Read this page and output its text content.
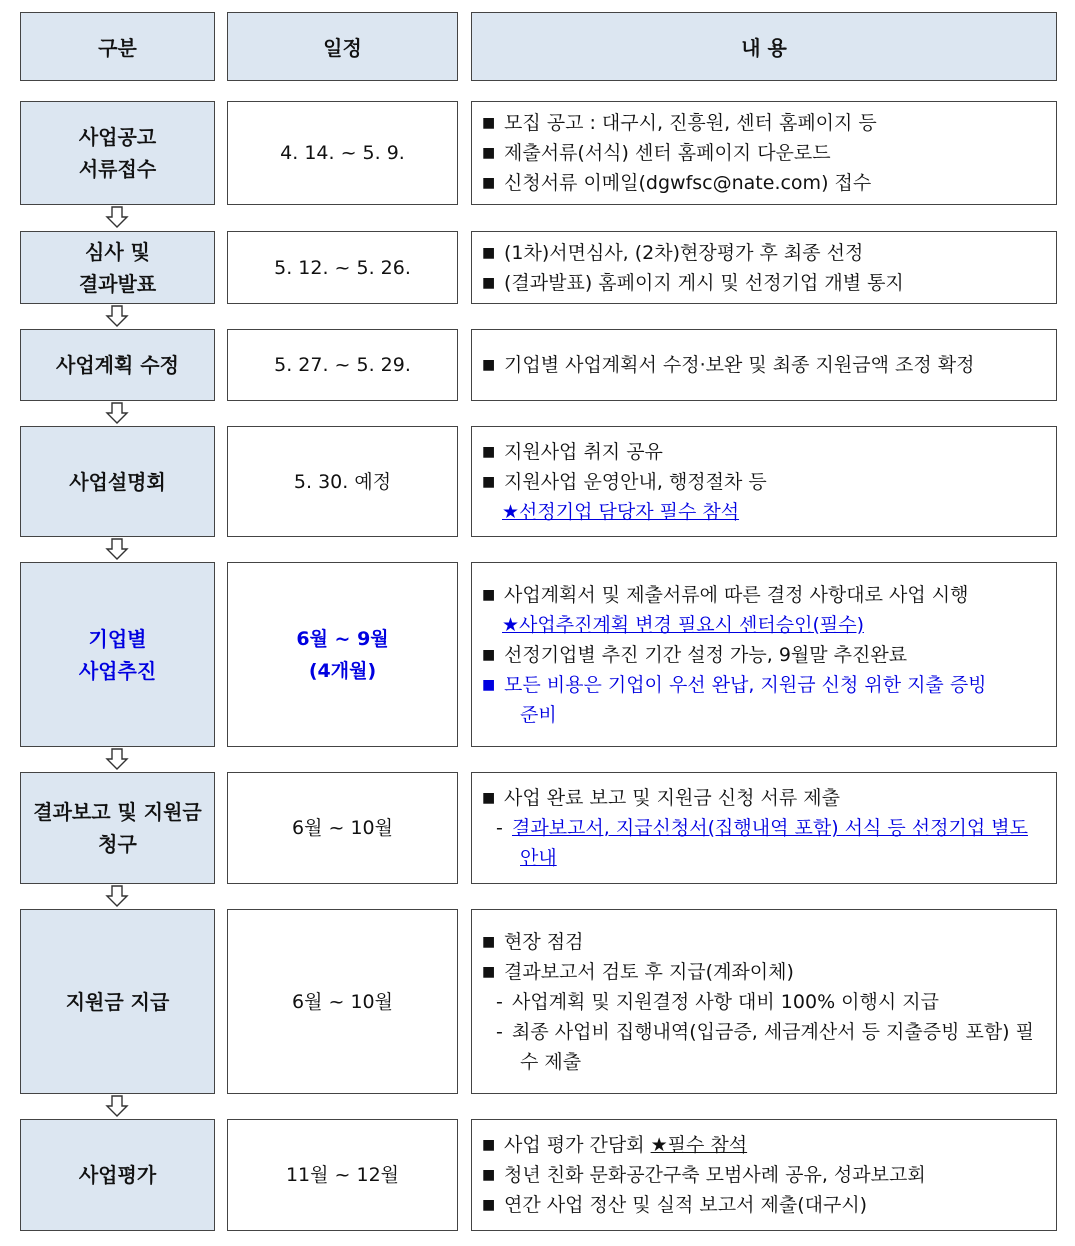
구분	일정	내 용
사업공고
서류접수
4. 14. ~ 5. 9.
■ 모집 공고 : 대구시, 진흥원, 센터 홈페이지 등
■ 제출서류(서식) 센터 홈페이지 다운로드
■ 신청서류 이메일(dgwfsc@nate.com) 접수
심사 및
결과발표
5. 12. ~ 5. 26.
■ (1차)서면심사, (2차)현장평가 후 최종 선정
■ (결과발표) 홈페이지 게시 및 선정기업 개별 통지
사업계획 수정	5. 27. ~ 5. 29.
■	기업별 사업계획서 수정·보완 및 최종 지원금액 조정 확정
사업설명회	5. 30. 예정
■ 지원사업 취지 공유
■ 지원사업 운영안내, 행정절차 등
★선정기업 담당자 필수 참석
기업별
사업추진
6월 ~ 9월
(4개월)
■ 사업계획서 및 제출서류에 따른 결정 사항대로 사업 시행
★사업추진계획 변경 필요시 센터승인(필수)
■ 선정기업별 추진 기간 설정 가능, 9월말 추진완료
■ 모든 비용은 기업이 우선 완납, 지원금 신청 위한 지출 증빙
준비
결과보고 및 지원금
청구
6월 ~ 10월
■ 사업 완료 보고 및 지원금 신청 서류 제출
- 결과보고서, 지급신청서(집행내역 포함) 서식 등 선정기업 별도
안내
지원금 지급	6월 ~ 10월
■ 현장 점검
■ 결과보고서 검토 후 지급(계좌이체)
- 사업계획 및 지원결정 사항 대비 100% 이행시 지급
- 최종 사업비 집행내역(입금증, 세금계산서 등 지출증빙 포함) 필
수 제출
사업평가	11월 ~ 12월
■ 사업 평가 간담회 ★필수 참석
■ 청년 친화 문화공간구축 모범사례 공유, 성과보고회
■ 연간 사업 정산 및 실적 보고서 제출(대구시)
